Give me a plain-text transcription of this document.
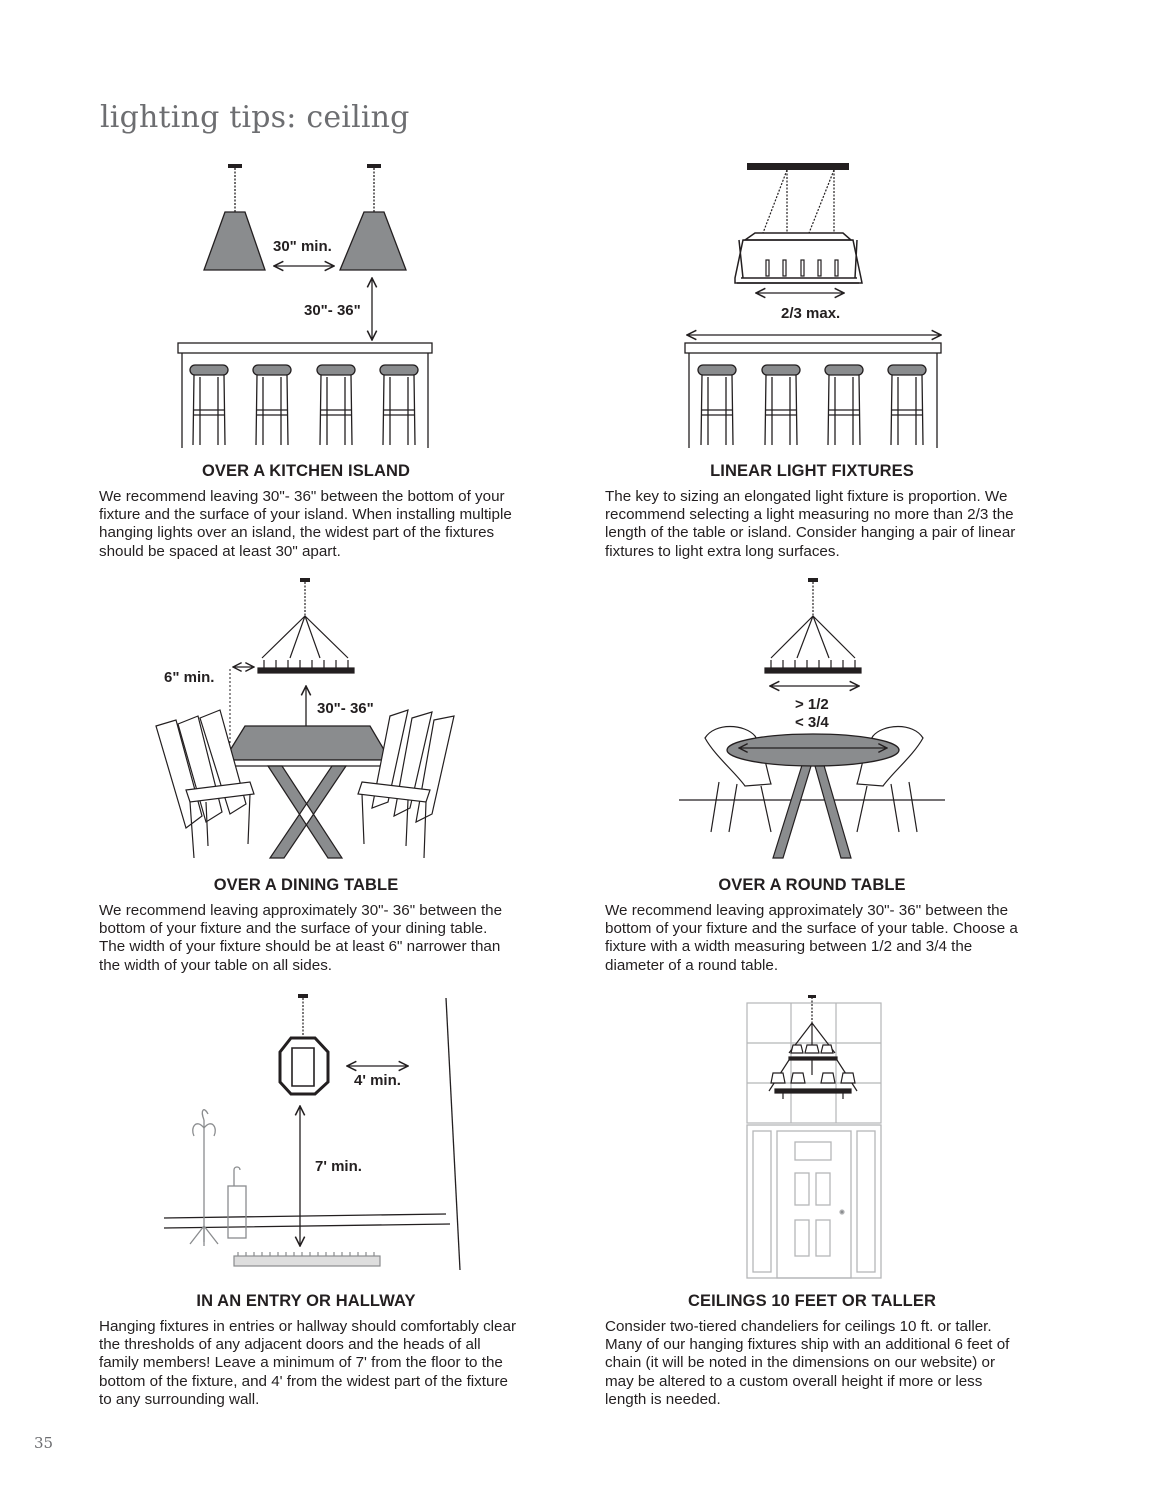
lighting tips: ceiling
30" min.
30"- 36"

OVER A KITCHEN ISLAND

We recommend leaving 30"- 36" between the bottom of your fixture and the surface of your island. When installing multiple hanging lights over an island, the widest part of the fixtures should be spaced at least 30" apart.

2/3 max.

LINEAR LIGHT FIXTURES

The key to sizing an elongated light fixture is proportion. We recommend selecting a light measuring no more than 2/3 the length of the table or island. Consider hanging a pair of linear fixtures to light extra long surfaces.

6" min.
30"- 36"

OVER A DINING TABLE

We recommend leaving approximately 30"- 36" between the bottom of your fixture and the surface of your dining table. The width of your fixture should be at least 6" narrower than the width of your table on all sides.

> 1/2
< 3/4

OVER A ROUND TABLE

We recommend leaving approximately 30"- 36" between the bottom of your fixture and the surface of your table. Choose a fixture with a width measuring between 1/2 and 3/4 the diameter of a round table.

4' min.
7' min.

IN AN ENTRY OR HALLWAY

Hanging fixtures in entries or hallway should comfortably clear the thresholds of any adjacent doors and the heads of all family members! Leave a minimum of 7' from the floor to the bottom of the fixture, and 4' from the widest part of the fixture to any surrounding wall.

CEILINGS 10 FEET OR TALLER

Consider two-tiered chandeliers for ceilings 10 ft. or taller. Many of our hanging fixtures ship with an additional 6 feet of chain (it will be noted in the dimensions on our website) or may be altered to a custom overall height if more or less length is needed.

35
